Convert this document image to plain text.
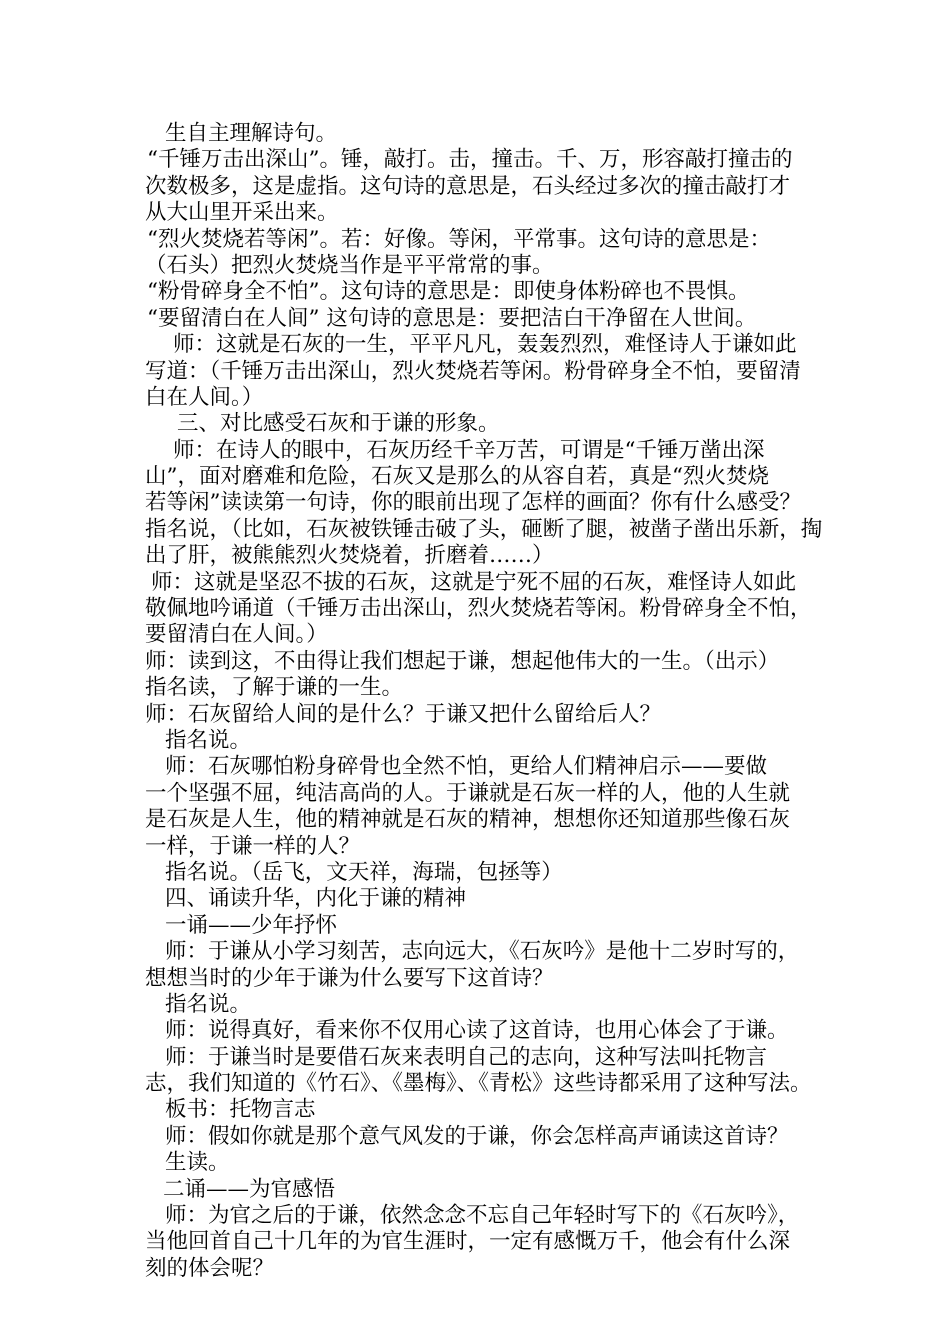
生自主理解诗句。
“千锤万击出深山”。锤，敲打。击，撞击。千、万，形容敲打撞击的
次数极多，这是虚指。这句诗的意思是，石头经过多次的撞击敲打才
从大山里开采出来。
“烈火焚烧若等闲”。若：好像。等闲，平常事。这句诗的意思是：
（石头）把烈火焚烧当作是平平常常的事。
“粉骨碎身全不怕”。这句诗的意思是：即使身体粉碎也不畏惧。
“要留清白在人间” 这句诗的意思是：要把洁白干净留在人世间。
师：这就是石灰的一生，平平凡凡，轰轰烈烈，难怪诗人于谦如此
写道：（千锤万击出深山，烈火焚烧若等闲。粉骨碎身全不怕，要留清
白在人间。）
三、对比感受石灰和于谦的形象。
师：在诗人的眼中，石灰历经千辛万苦，可谓是“千锤万凿出深
山”，面对磨难和危险，石灰又是那么的从容自若，真是“烈火焚烧
若等闲”读读第一句诗，你的眼前出现了怎样的画面？你有什么感受？
指名说，（比如，石灰被铁锤击破了头，砸断了腿，被凿子凿出乐新，掏
出了肝，被熊熊烈火焚烧着，折磨着……）
师：这就是坚忍不拔的石灰，这就是宁死不屈的石灰，难怪诗人如此
敬佩地吟诵道（千锤万击出深山，烈火焚烧若等闲。粉骨碎身全不怕，
要留清白在人间。）
师：读到这，不由得让我们想起于谦，想起他伟大的一生。（出示）
指名读，了解于谦的一生。
师：石灰留给人间的是什么？于谦又把什么留给后人？
指名说。
师：石灰哪怕粉身碎骨也全然不怕，更给人们精神启示——要做
一个坚强不屈，纯洁高尚的人。于谦就是石灰一样的人，他的人生就
是石灰是人生，他的精神就是石灰的精神，想想你还知道那些像石灰
一样，于谦一样的人？
指名说。（岳飞，文天祥，海瑞，包拯等）
四、诵读升华，内化于谦的精神
一诵——少年抒怀
师：于谦从小学习刻苦，志向远大，《石灰吟》是他十二岁时写的，
想想当时的少年于谦为什么要写下这首诗？
指名说。
师：说得真好，看来你不仅用心读了这首诗，也用心体会了于谦。
师：于谦当时是要借石灰来表明自己的志向，这种写法叫托物言
志，我们知道的《竹石》、《墨梅》、《青松》这些诗都采用了这种写法。
板书：托物言志
师：假如你就是那个意气风发的于谦，你会怎样高声诵读这首诗？
生读。
二诵——为官感悟
师：为官之后的于谦，依然念念不忘自己年轻时写下的《石灰吟》，
当他回首自己十几年的为官生涯时，一定有感慨万千，他会有什么深
刻的体会呢？
